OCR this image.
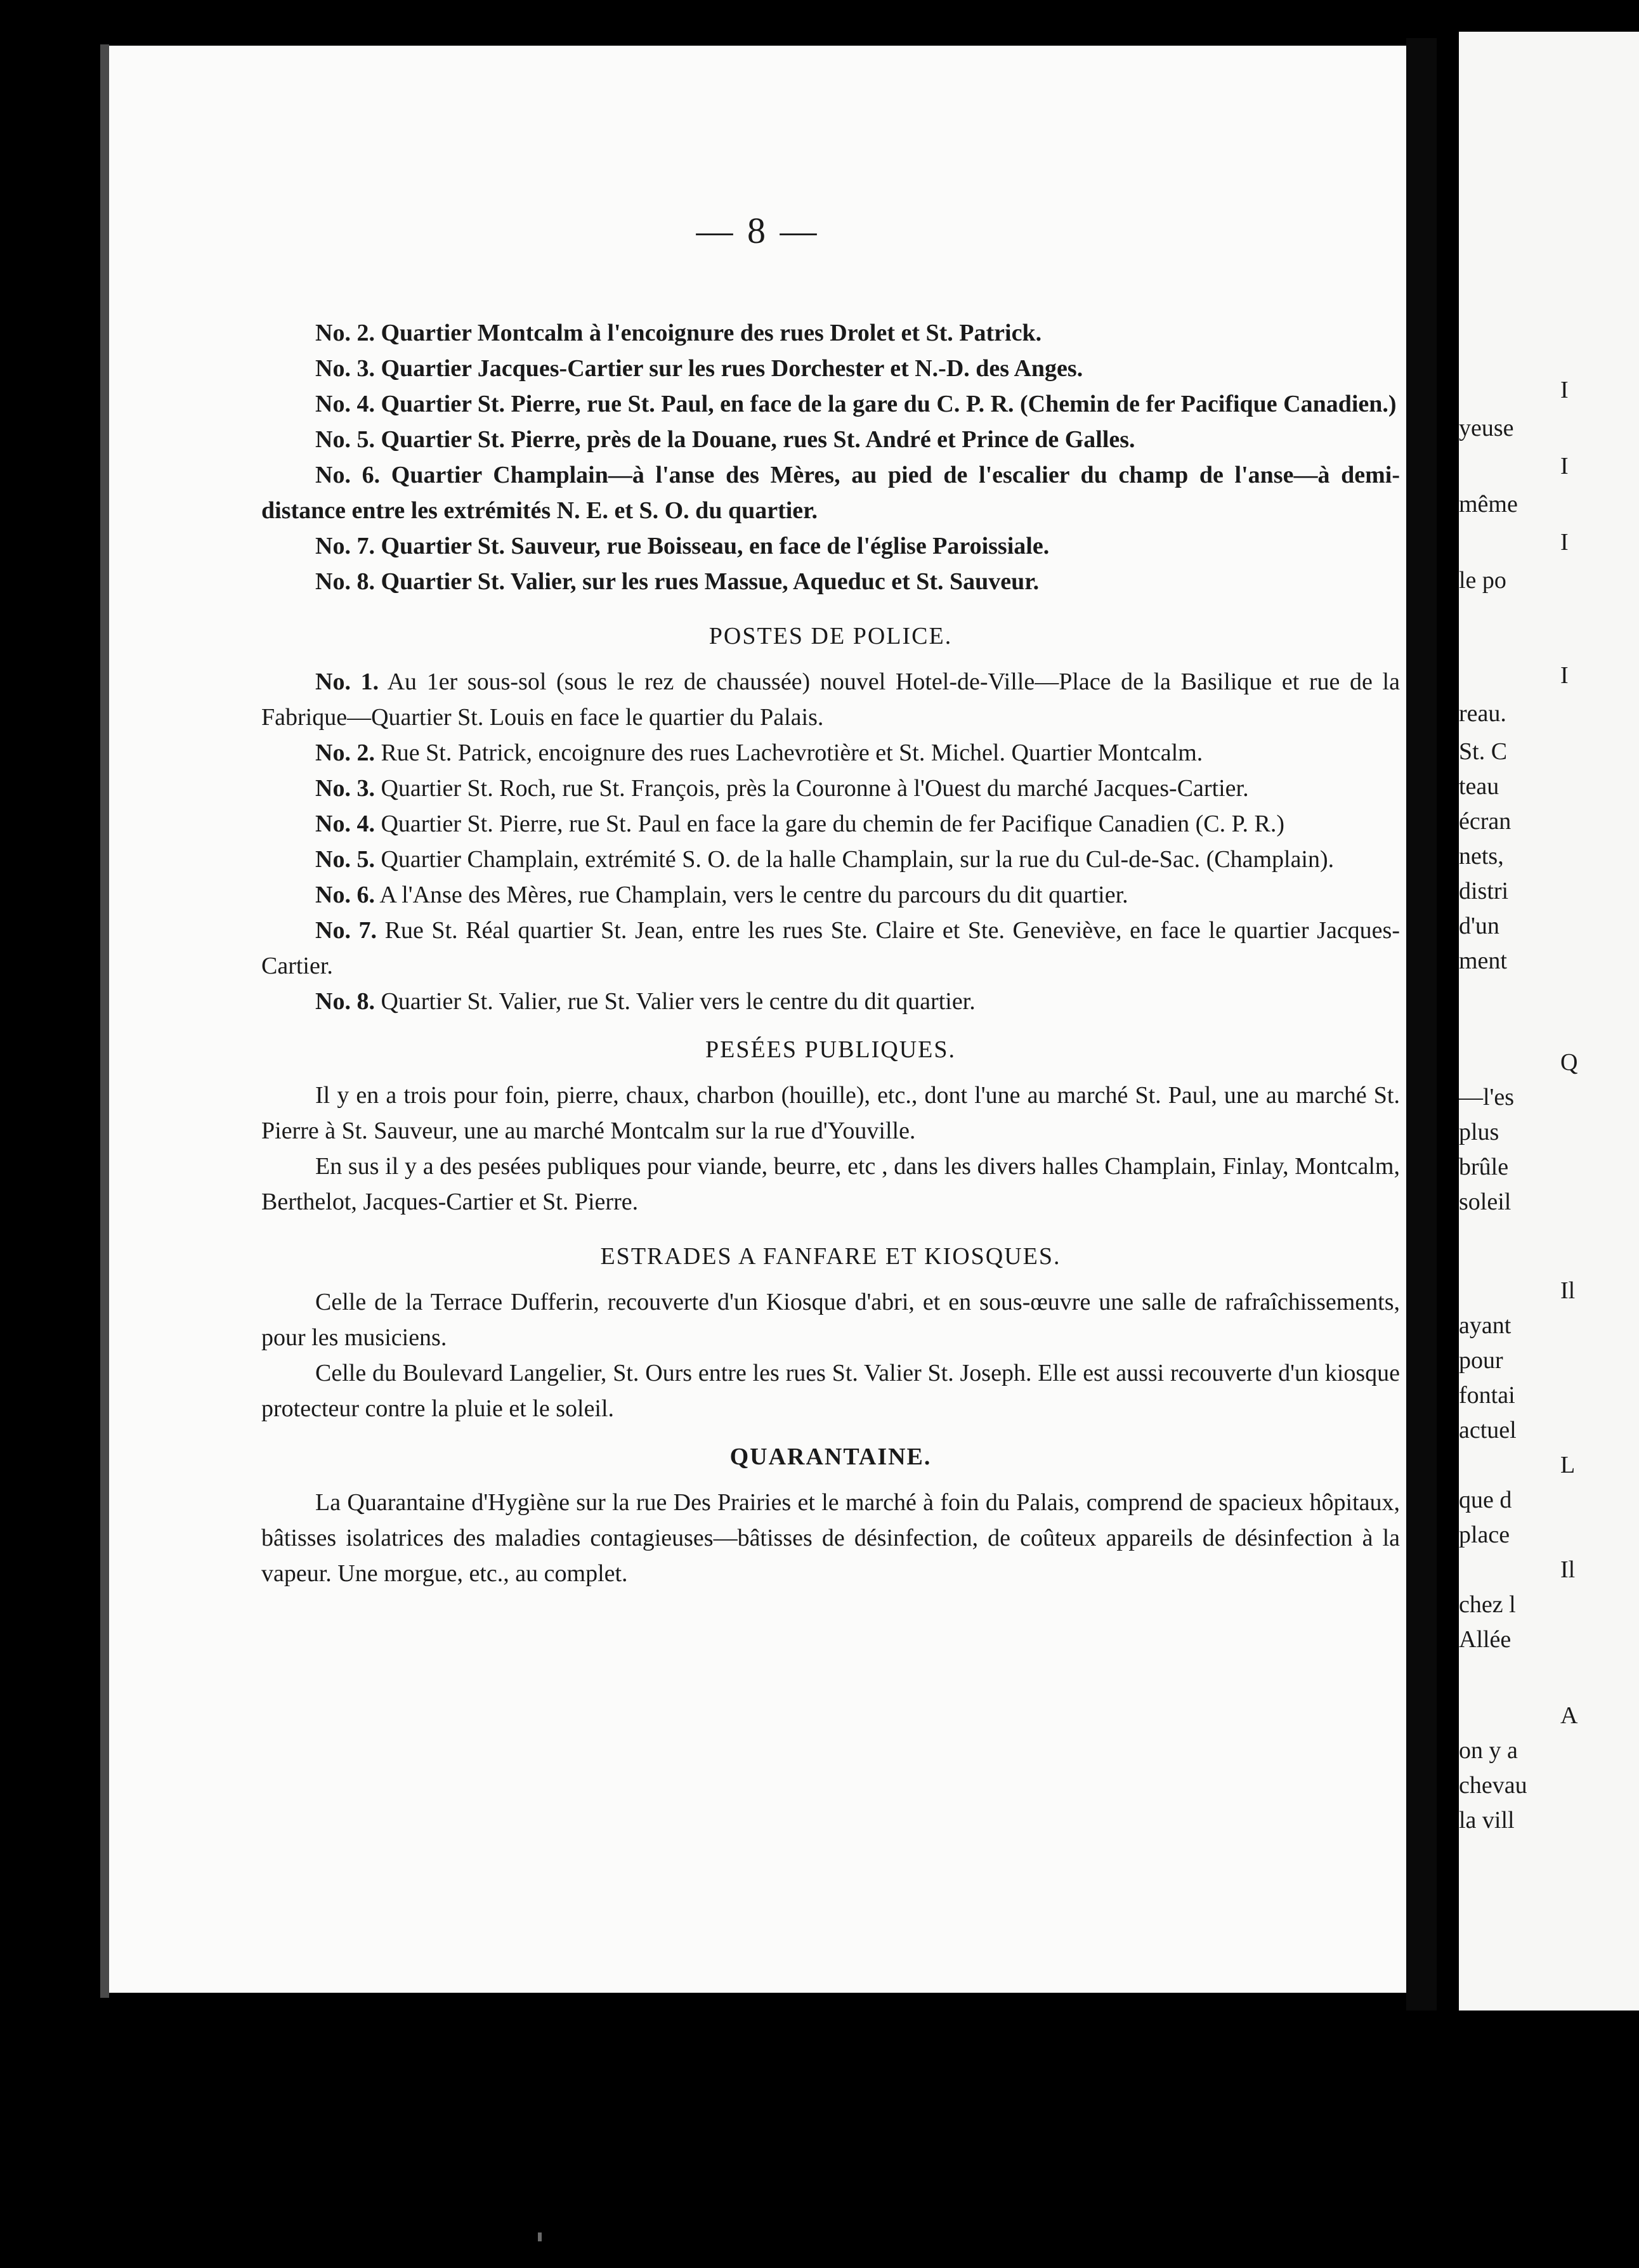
— 8 —

No. 2. Quartier Montcalm à l'encoignure des rues Drolet et St. Patrick.

No. 3. Quartier Jacques-Cartier sur les rues Dorchester et N.-D. des Anges.

No. 4. Quartier St. Pierre, rue St. Paul, en face de la gare du C. P. R. (Chemin de fer Pacifique Canadien.)

No. 5. Quartier St. Pierre, près de la Douane, rues St. André et Prince de Galles.

No. 6. Quartier Champlain—à l'anse des Mères, au pied de l'escalier du champ de l'anse—à demi-distance entre les extrémités N. E. et S. O. du quartier.

No. 7. Quartier St. Sauveur, rue Boisseau, en face de l'église Paroissiale.

No. 8. Quartier St. Valier, sur les rues Massue, Aqueduc et St. Sauveur.

POSTES DE POLICE.

No. 1. Au 1er sous-sol (sous le rez de chaussée) nouvel Hotel-de-Ville—Place de la Basilique et rue de la Fabrique—Quartier St. Louis en face le quartier du Palais.

No. 2. Rue St. Patrick, encoignure des rues Lachevrotière et St. Michel. Quartier Montcalm.

No. 3. Quartier St. Roch, rue St. François, près la Couronne à l'Ouest du marché Jacques-Cartier.

No. 4. Quartier St. Pierre, rue St. Paul en face la gare du chemin de fer Pacifique Canadien (C. P. R.)

No. 5. Quartier Champlain, extrémité S. O. de la halle Champlain, sur la rue du Cul-de-Sac. (Champlain).

No. 6. A l'Anse des Mères, rue Champlain, vers le centre du parcours du dit quartier.

No. 7. Rue St. Réal quartier St. Jean, entre les rues Ste. Claire et Ste. Geneviève, en face le quartier Jacques-Cartier.

No. 8. Quartier St. Valier, rue St. Valier vers le centre du dit quartier.

PESÉES PUBLIQUES.

Il y en a trois pour foin, pierre, chaux, charbon (houille), etc., dont l'une au marché St. Paul, une au marché St. Pierre à St. Sauveur, une au marché Montcalm sur la rue d'Youville.

En sus il y a des pesées publiques pour viande, beurre, etc , dans les divers halles Champlain, Finlay, Montcalm, Berthelot, Jacques-Cartier et St. Pierre.

ESTRADES A FANFARE ET KIOSQUES.

Celle de la Terrace Dufferin, recouverte d'un Kiosque d'abri, et en sous-œuvre une salle de rafraîchissements, pour les musiciens.

Celle du Boulevard Langelier, St. Ours entre les rues St. Valier St. Joseph. Elle est aussi recouverte d'un kiosque protecteur contre la pluie et le soleil.

QUARANTAINE.

La Quarantaine d'Hygiène sur la rue Des Prairies et le marché à foin du Palais, comprend de spacieux hôpitaux, bâtisses isolatrices des maladies contagieuses—bâtisses de désinfection, de coûteux appareils de désinfection à la vapeur. Une morgue, etc., au complet.

I
yeuse
I
même
I
le po
I
reau.
St. C
teau
écran
nets,
distri
d'un
ment
Q
—l'es
plus
brûle
soleil
Il
ayant
pour
fontai
actuel
L
que d
place
Il
chez l
Allée
A
on y a
chevau
la vill
